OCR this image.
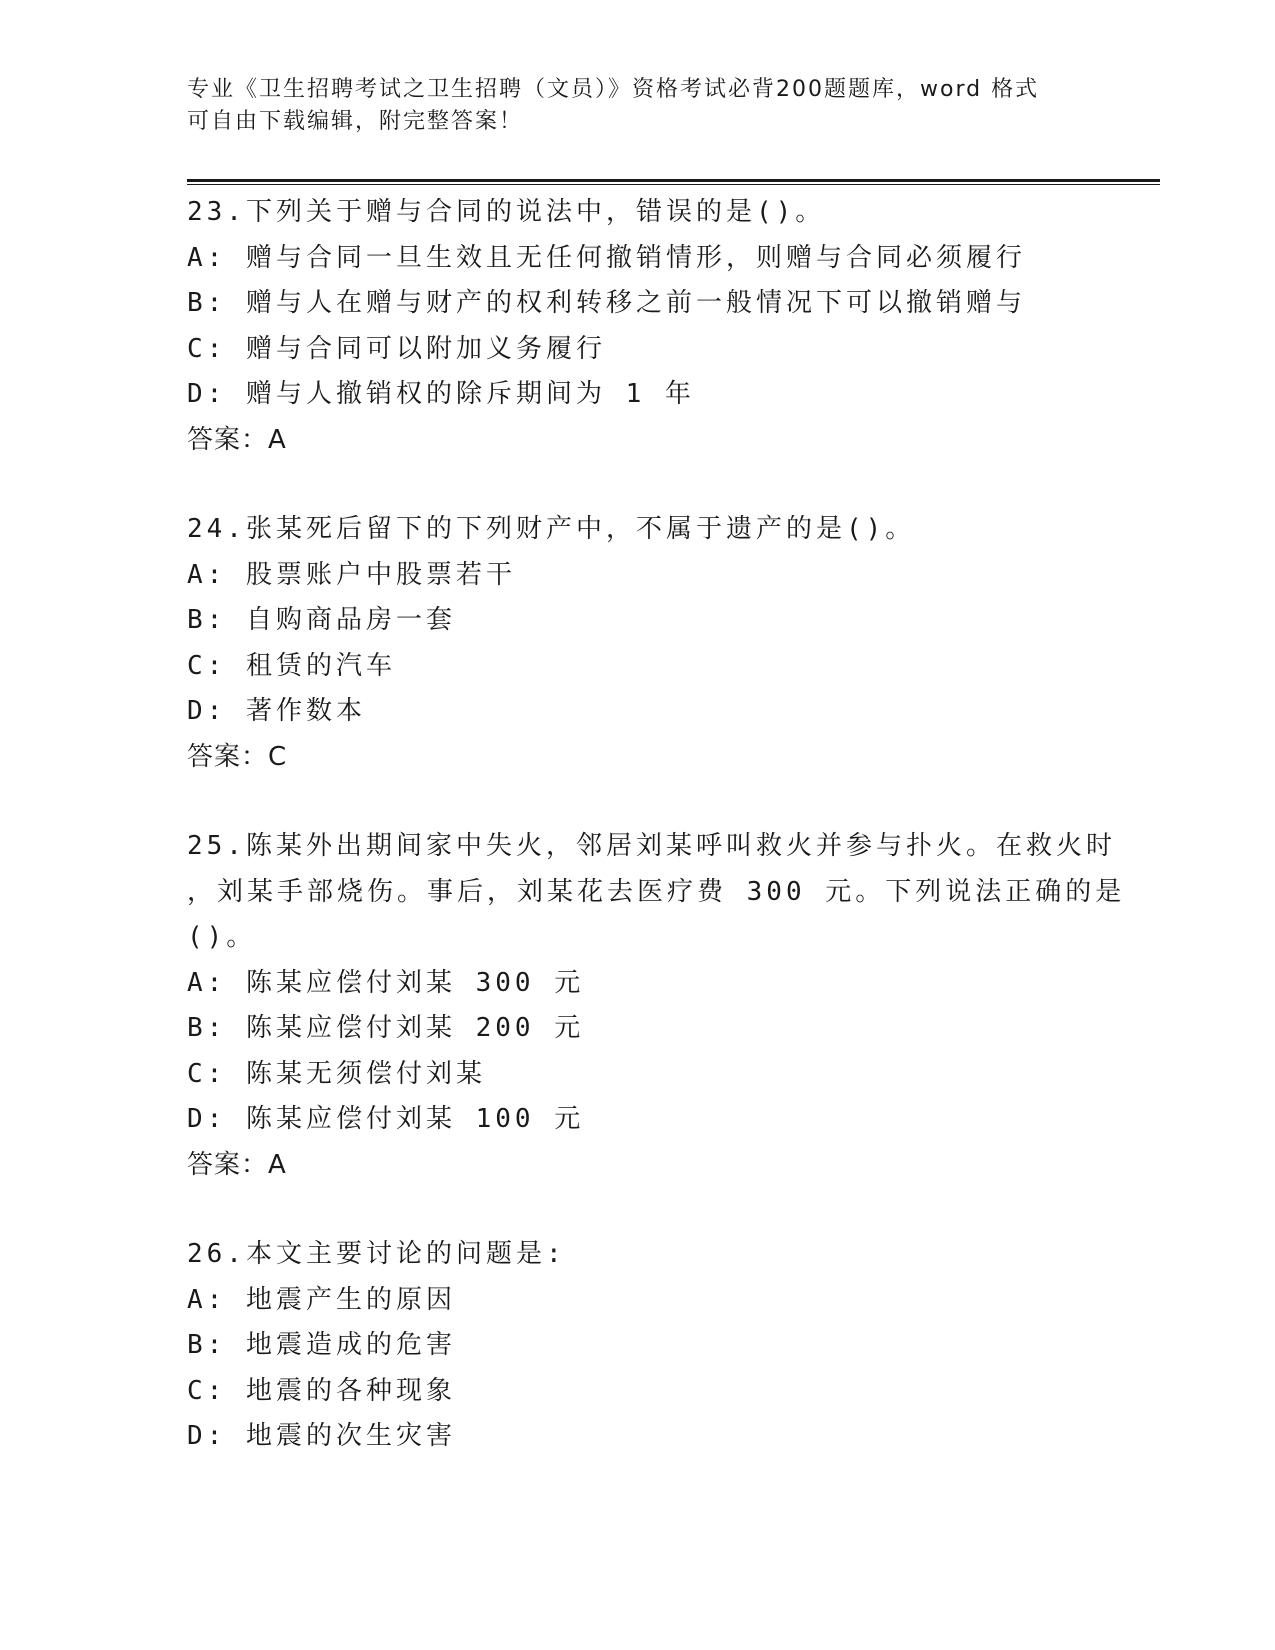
专业《卫生招聘考试之卫生招聘（文员）》资格考试必背200题题库，word 格式
可自由下载编辑，附完整答案！
23.下列关于赠与合同的说法中，错误的是()。
A: 赠与合同一旦生效且无任何撤销情形，则赠与合同必须履行
B: 赠与人在赠与财产的权利转移之前一般情况下可以撤销赠与
C: 赠与合同可以附加义务履行
D: 赠与人撤销权的除斥期间为 1 年
答案：A
24.张某死后留下的下列财产中，不属于遗产的是()。
A: 股票账户中股票若干
B: 自购商品房一套
C: 租赁的汽车
D: 著作数本
答案：C
25.陈某外出期间家中失火，邻居刘某呼叫救火并参与扑火。在救火时
，刘某手部烧伤。事后，刘某花去医疗费 300 元。下列说法正确的是
()。
A: 陈某应偿付刘某 300 元
B: 陈某应偿付刘某 200 元
C: 陈某无须偿付刘某
D: 陈某应偿付刘某 100 元
答案：A
26.本文主要讨论的问题是:
A: 地震产生的原因
B: 地震造成的危害
C: 地震的各种现象
D: 地震的次生灾害
